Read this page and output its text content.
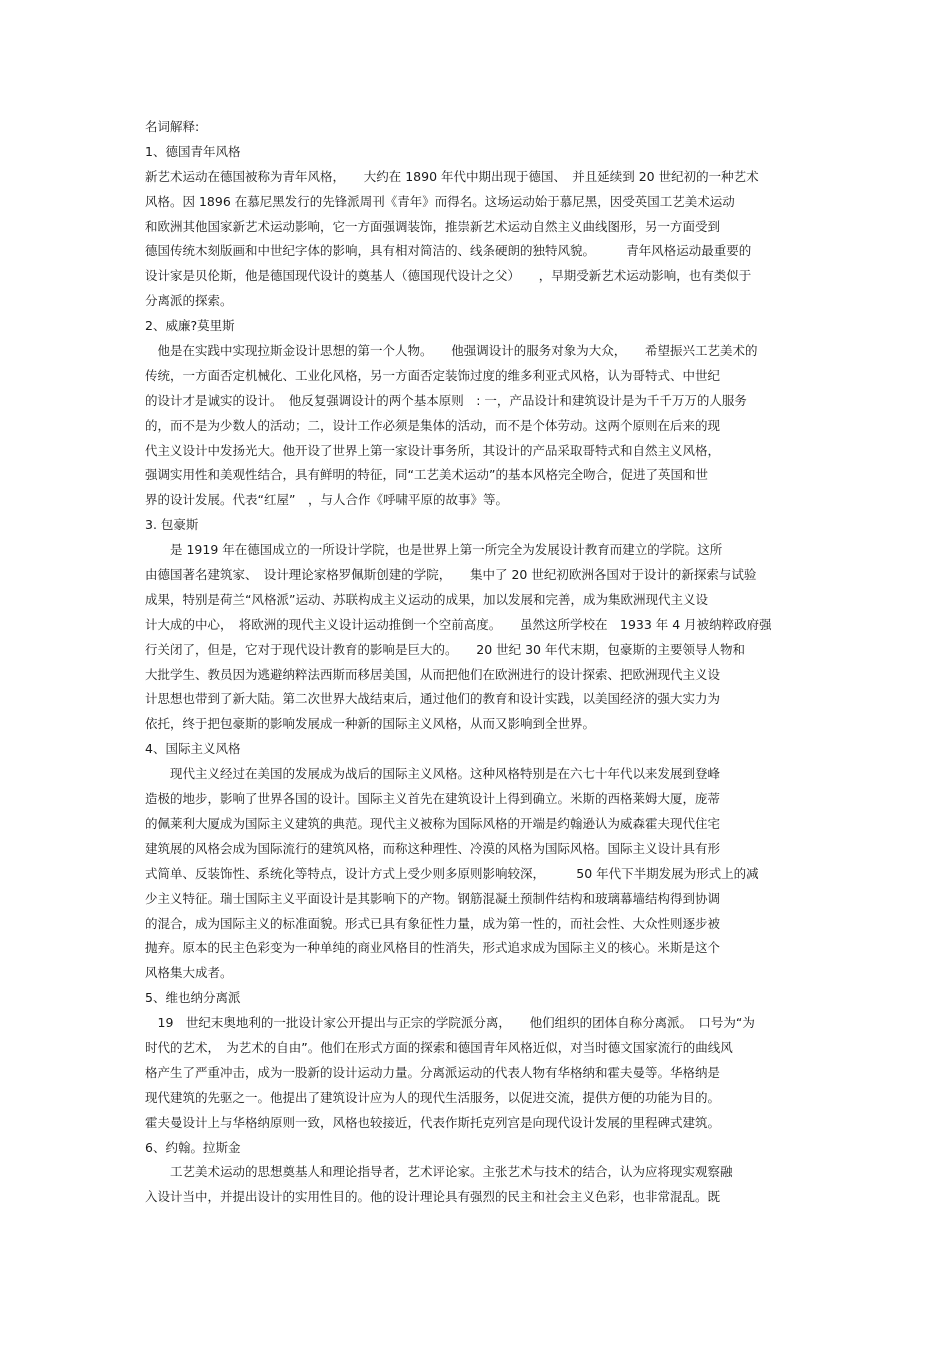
名词解释:
1、德国青年风格
新艺术运动在德国被称为青年风格，　　大约在 1890 年代中期出现于德国、　并且延续到 20 世纪初的一种艺术
风格。因 1896 在慕尼黑发行的先锋派周刊《青年》而得名。这场运动始于慕尼黑，因受英国工艺美术运动
和欧洲其他国家新艺术运动影响，它一方面强调装饰，推崇新艺术运动自然主义曲线图形，另一方面受到
德国传统木刻版画和中世纪字体的影响，具有相对简洁的、线条硬朗的独特风貌。　　　青年风格运动最重要的
设计家是贝伦斯，他是德国现代设计的奠基人（德国现代设计之父）　　，早期受新艺术运动影响，也有类似于
分离派的探索。
2、威廉?莫里斯
　他是在实践中实现拉斯金设计思想的第一个人物。　　他强调设计的服务对象为大众，　　希望振兴工艺美术的
传统，一方面否定机械化、工业化风格，另一方面否定装饰过度的维多利亚式风格，认为哥特式、中世纪
的设计才是诚实的设计。　他反复强调设计的两个基本原则　: 一，产品设计和建筑设计是为千千万万的人服务
的，而不是为少数人的活动；二，设计工作必须是集体的活动，而不是个体劳动。这两个原则在后来的现
代主义设计中发扬光大。他开设了世界上第一家设计事务所，其设计的产品采取哥特式和自然主义风格，
强调实用性和美观性结合，具有鲜明的特征，同“工艺美术运动”的基本风格完全吻合，促进了英国和世
界的设计发展。代表“红屋”　，与人合作《呼啸平原的故事》等。
3. 包豪斯
　　是 1919 年在德国成立的一所设计学院，也是世界上第一所完全为发展设计教育而建立的学院。这所
由德国著名建筑家、　设计理论家格罗佩斯创建的学院，　　集中了 20 世纪初欧洲各国对于设计的新探索与试验
成果，特别是荷兰“风格派”运动、苏联构成主义运动的成果，加以发展和完善，成为集欧洲现代主义设
计大成的中心，　将欧洲的现代主义设计运动推倒一个空前高度。　　虽然这所学校在　1933 年 4 月被纳粹政府强
行关闭了，但是，它对于现代设计教育的影响是巨大的。　　20 世纪 30 年代末期，包豪斯的主要领导人物和
大批学生、教员因为逃避纳粹法西斯而移居美国，从而把他们在欧洲进行的设计探索、把欧洲现代主义设
计思想也带到了新大陆。第二次世界大战结束后，通过他们的教育和设计实践，以美国经济的强大实力为
依托，终于把包豪斯的影响发展成一种新的国际主义风格，从而又影响到全世界。
4、国际主义风格
　　现代主义经过在美国的发展成为战后的国际主义风格。这种风格特别是在六七十年代以来发展到登峰
造极的地步，影响了世界各国的设计。国际主义首先在建筑设计上得到确立。米斯的西格莱姆大厦，庞蒂
的佩莱利大厦成为国际主义建筑的典范。现代主义被称为国际风格的开端是约翰逊认为威森霍夫现代住宅
建筑展的风格会成为国际流行的建筑风格，而称这种理性、冷漠的风格为国际风格。国际主义设计具有形
式简单、反装饰性、系统化等特点，设计方式上受少则多原则影响较深，　　　50 年代下半期发展为形式上的减
少主义特征。瑞士国际主义平面设计是其影响下的产物。钢筋混凝土预制件结构和玻璃幕墙结构得到协调
的混合，成为国际主义的标准面貌。形式已具有象征性力量，成为第一性的，而社会性、大众性则逐步被
抛弃。原本的民主色彩变为一种单纯的商业风格目的性消失，形式追求成为国际主义的核心。米斯是这个
风格集大成者。
5、维也纳分离派
　19　世纪末奥地利的一批设计家公开提出与正宗的学院派分离，　　他们组织的团体自称分离派。　口号为“为
时代的艺术，　为艺术的自由”。他们在形式方面的探索和德国青年风格近似，对当时德文国家流行的曲线风
格产生了严重冲击，成为一股新的设计运动力量。分离派运动的代表人物有华格纳和霍夫曼等。华格纳是
现代建筑的先驱之一。他提出了建筑设计应为人的现代生活服务，以促进交流，提供方便的功能为目的。
霍夫曼设计上与华格纳原则一致，风格也较接近，代表作斯托克列宫是向现代设计发展的里程碑式建筑。
6、约翰。拉斯金
　　工艺美术运动的思想奠基人和理论指导者，艺术评论家。主张艺术与技术的结合，认为应将现实观察融
入设计当中，并提出设计的实用性目的。他的设计理论具有强烈的民主和社会主义色彩，也非常混乱。既
